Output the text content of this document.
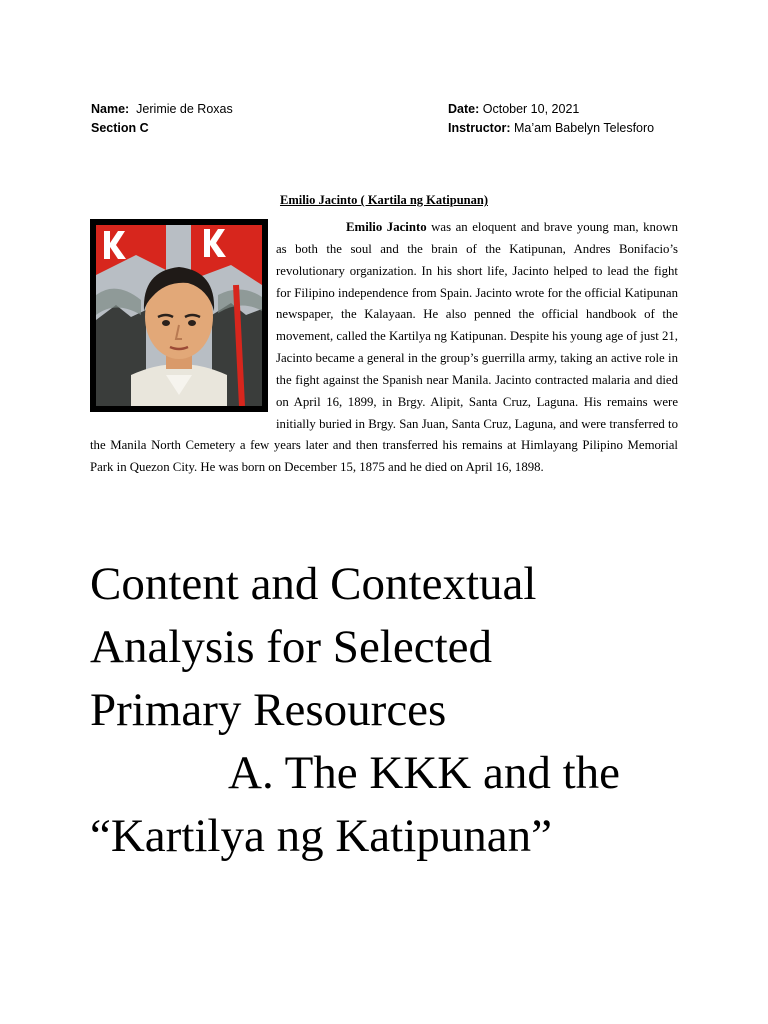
Name: Jerimie de Roxas	Date: October 10, 2021
Section C	Instructor: Ma’am Babelyn Telesforo
Emilio Jacinto ( Kartila ng Katipunan)
Emilio Jacinto was an eloquent and brave young man, known as both the soul and the brain of the Katipunan, Andres Bonifacio’s revolutionary organization. In his short life, Jacinto helped to lead the fight for Filipino independence from Spain. Jacinto wrote for the official Katipunan newspaper, the Kalayaan. He also penned the official handbook of the movement, called the Kartilya ng Katipunan. Despite his young age of just 21, Jacinto became a general in the group’s guerrilla army, taking an active role in the fight against the Spanish near Manila. Jacinto contracted malaria and died on April 16, 1899, in Brgy. Alipit, Santa Cruz, Laguna. His remains were initially buried in Brgy. San Juan, Santa Cruz, Laguna, and were transferred to the Manila North Cemetery a few years later and then transferred his remains at Himlayang Pilipino Memorial Park in Quezon City. He was born on December 15, 1875 and he died on April 16, 1898.
Content and Contextual
Analysis for Selected
Primary Resources
A. The KKK and the
“Kartilya ng Katipunan”
